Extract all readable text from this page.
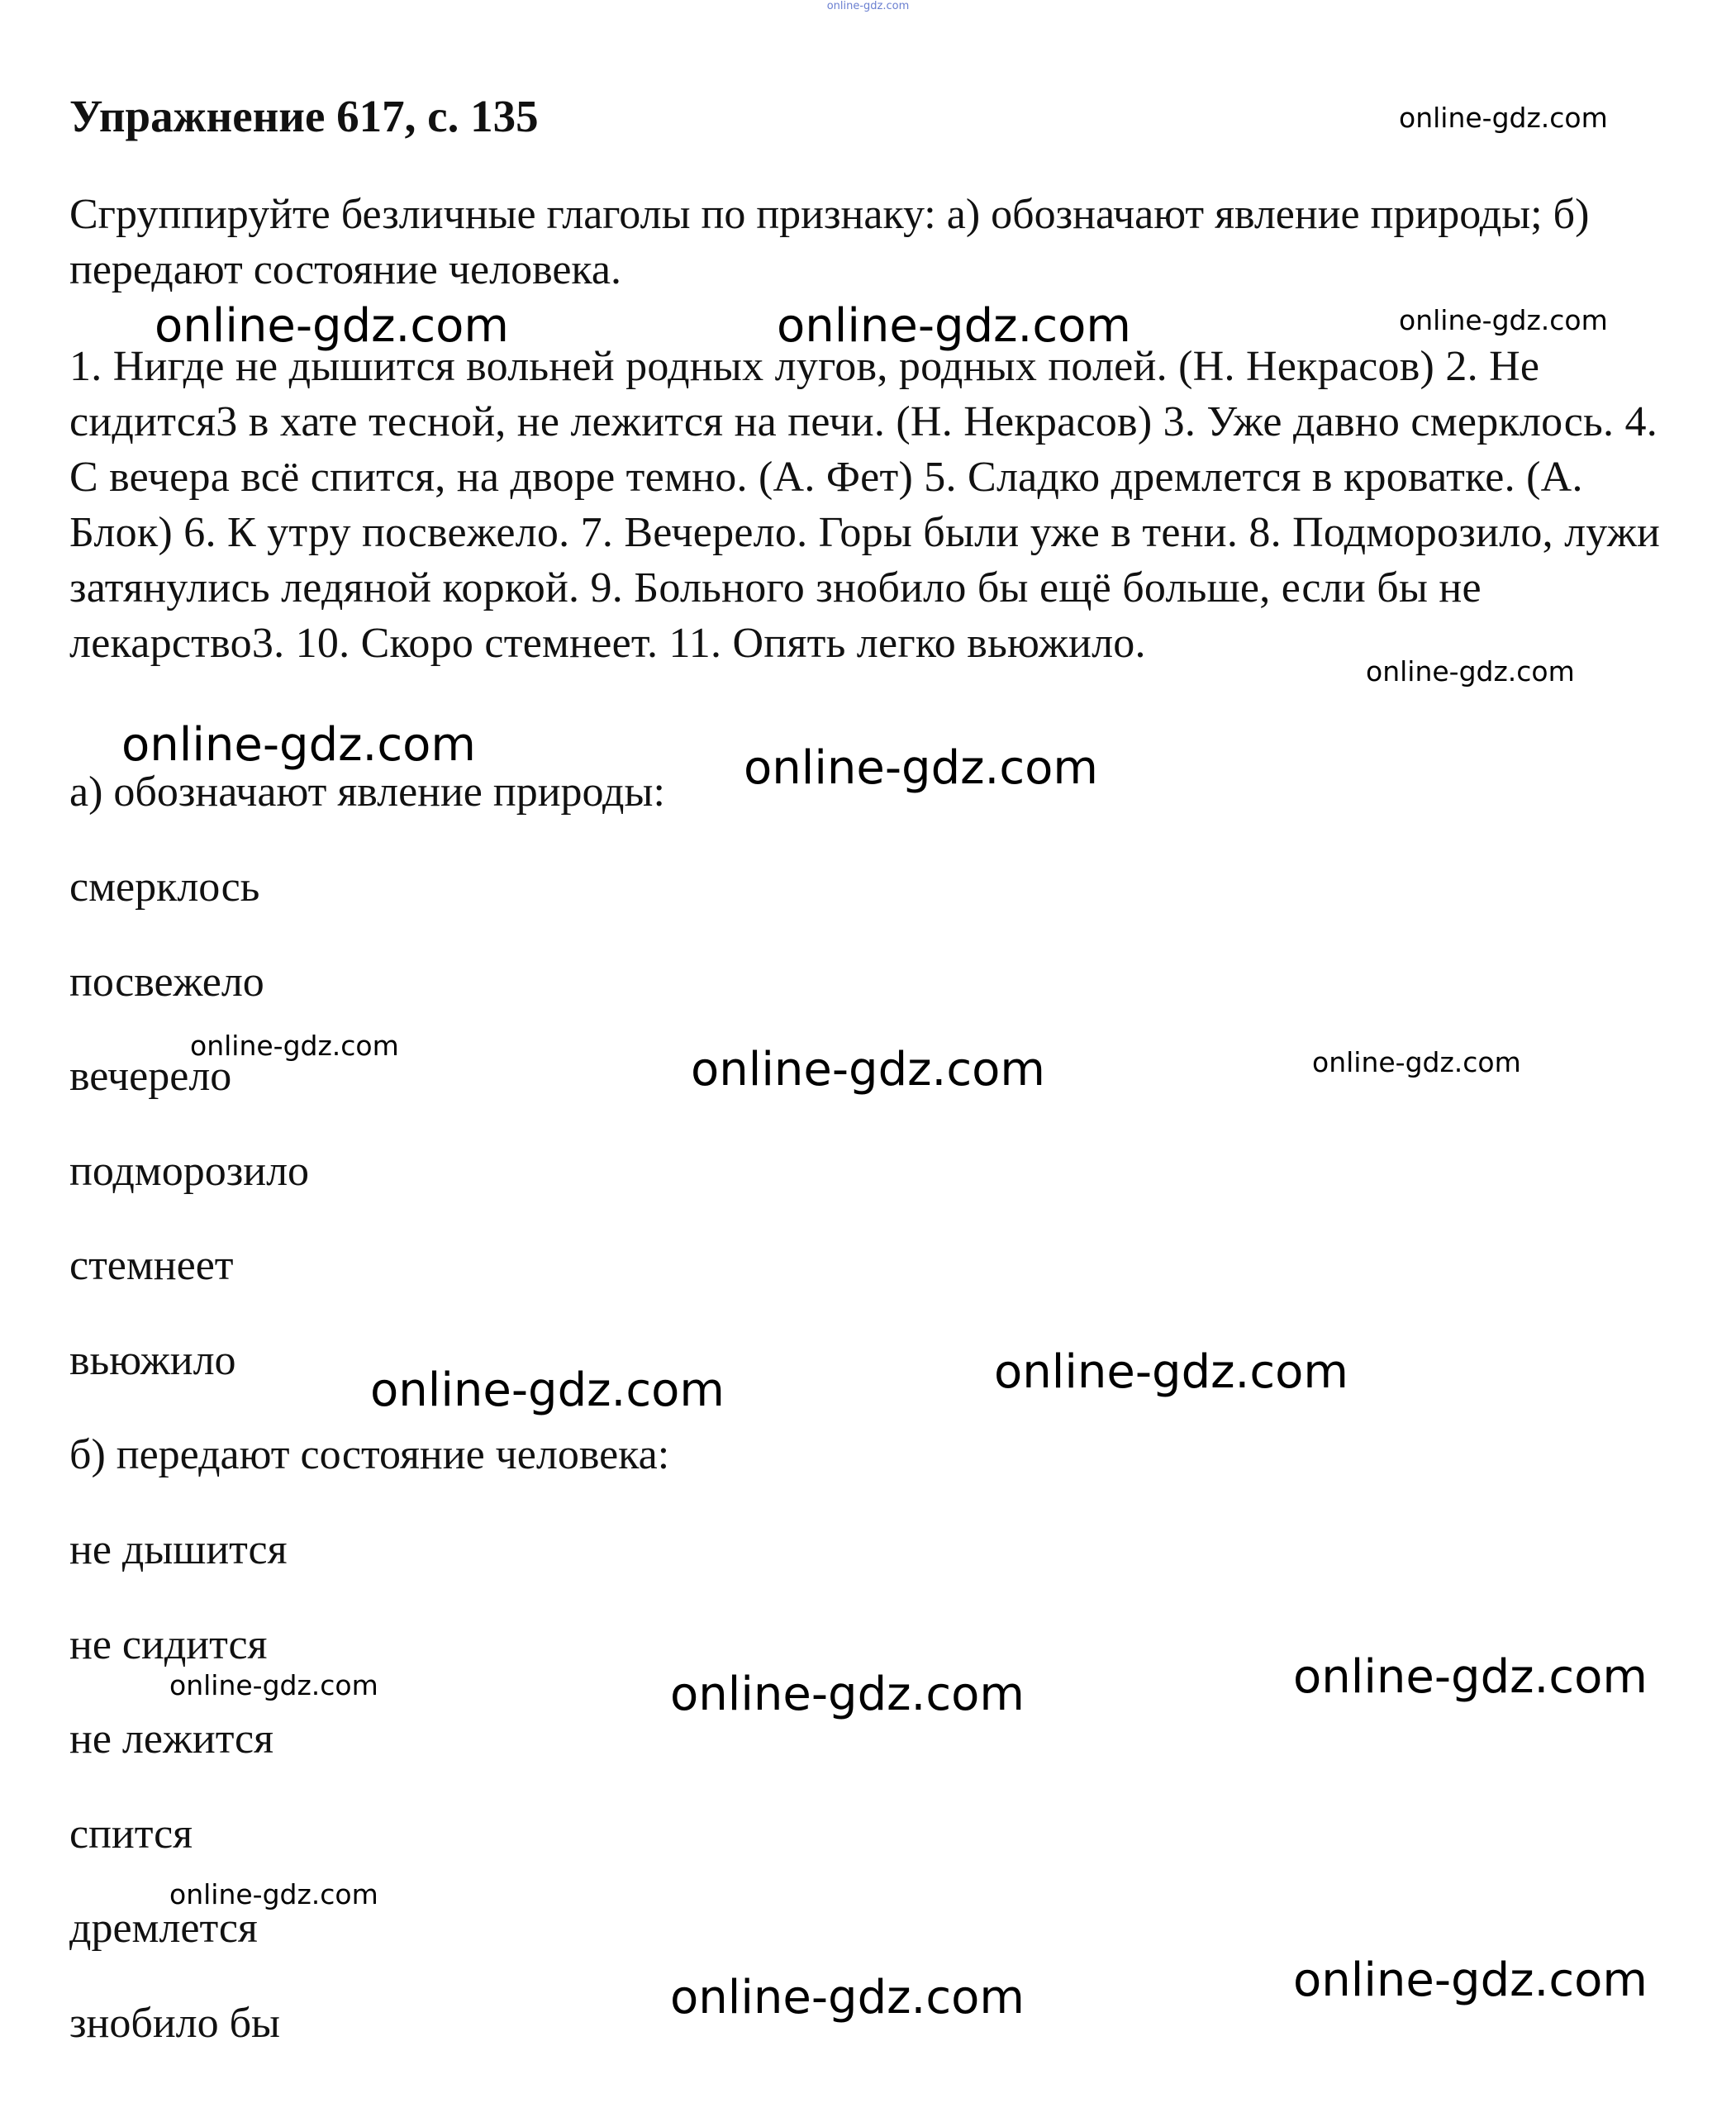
online-gdz.com
Упражнение 617, с. 135

Сгруппируйте безличные глаголы по признаку: а) обозначают явление природы; б) передают состояние человека.

1. Нигде не дышится вольней родных лугов, родных полей. (Н. Некрасов) 2. Не сидится3 в хате тесной, не лежится на печи. (Н. Некрасов) 3. Уже давно смерклось. 4. С вечера всё спится, на дворе темно. (А. Фет) 5. Сладко дремлется в кроватке. (А. Блок) 6. К утру посвежело. 7. Вечерело. Горы были уже в тени. 8. Подморозило, лужи затянулись ледяной коркой. 9. Больного знобило бы ещё больше, если бы не лекарство3. 10. Скоро стемнеет. 11. Опять легко вьюжило.

а) обозначают явление природы:

смерклось
посвежело
вечерело
подморозило
стемнеет
вьюжило

б) передают состояние человека:

не дышится
не сидится
не лежится
спится
дремлется
знобило бы
online-gdz.com
online-gdz.com	online-gdz.com	online-gdz.com
online-gdz.com
online-gdz.com	online-gdz.com
online-gdz.com	online-gdz.com	online-gdz.com
online-gdz.com
online-gdz.com
online-gdz.com
online-gdz.com	online-gdz.com
online-gdz.com
online-gdz.com
online-gdz.com
